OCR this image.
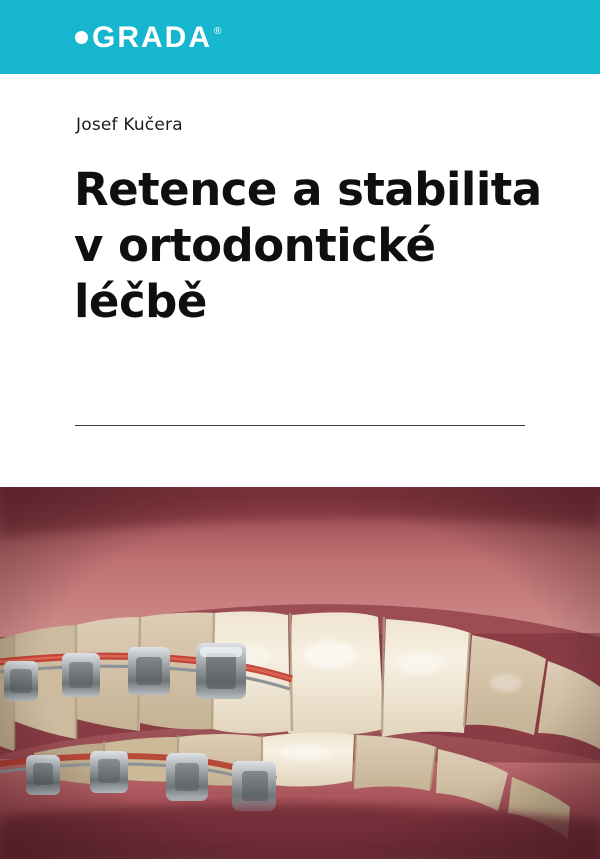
GRADA ®
Josef Kučera
Retence a stabilita
v ortodontické
léčbě
